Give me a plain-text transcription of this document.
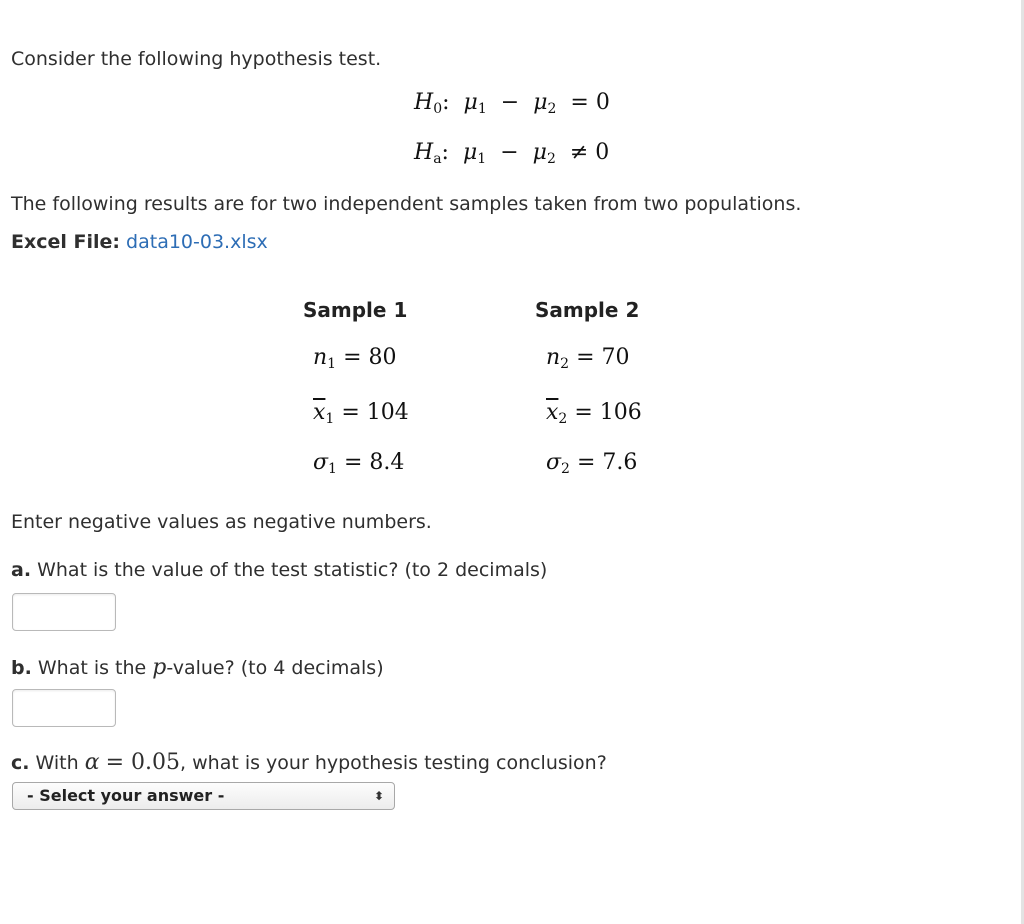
Consider the following hypothesis test.
$H_0$:  $\mu_1 - \mu_2 = 0$
$H_a$:  $\mu_1 - \mu_2 \ne 0$
The following results are for two independent samples taken from two populations.
Excel File: data10-03.xlsx
Sample 1	Sample 2
$n_1 = 80$	$n_2 = 70$
$\overline{x}_1 = 104$	$\overline{x}_2 = 106$
$\sigma_1 = 8.4$	$\sigma_2 = 7.6$
Enter negative values as negative numbers.
a. What is the value of the test statistic? (to 2 decimals)
b. What is the p-value? (to 4 decimals)
c. With α = 0.05, what is your hypothesis testing conclusion?
- Select your answer -	⬍
